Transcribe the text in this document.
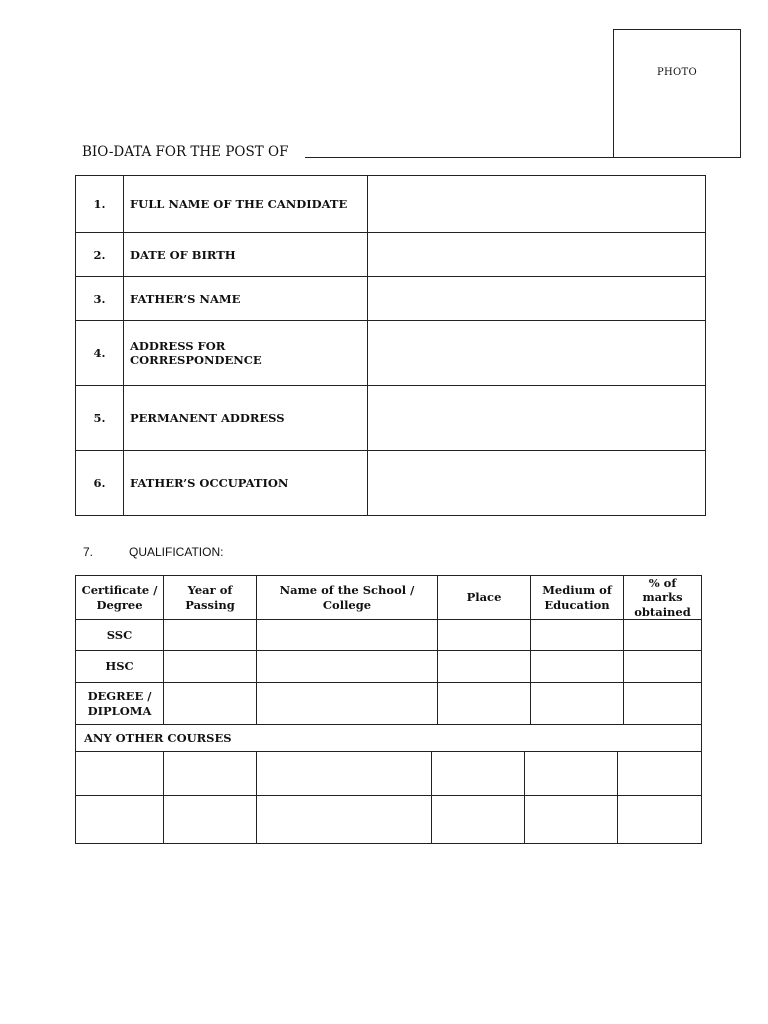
PHOTO
BIO-DATA FOR THE POST OF
1.	FULL NAME OF THE CANDIDATE	
2.	DATE OF BIRTH	
3.	FATHER’S NAME	
4.	ADDRESS FOR CORRESPONDENCE	
5.	PERMANENT ADDRESS	
6.	FATHER’S OCCUPATION	
7.	QUALIFICATION:
Certificate / Degree	Year of Passing	Name of the School / College	Place	Medium of Education	% of marks obtained
SSC					
HSC					
DEGREE / DIPLOMA					
ANY OTHER COURSES					
